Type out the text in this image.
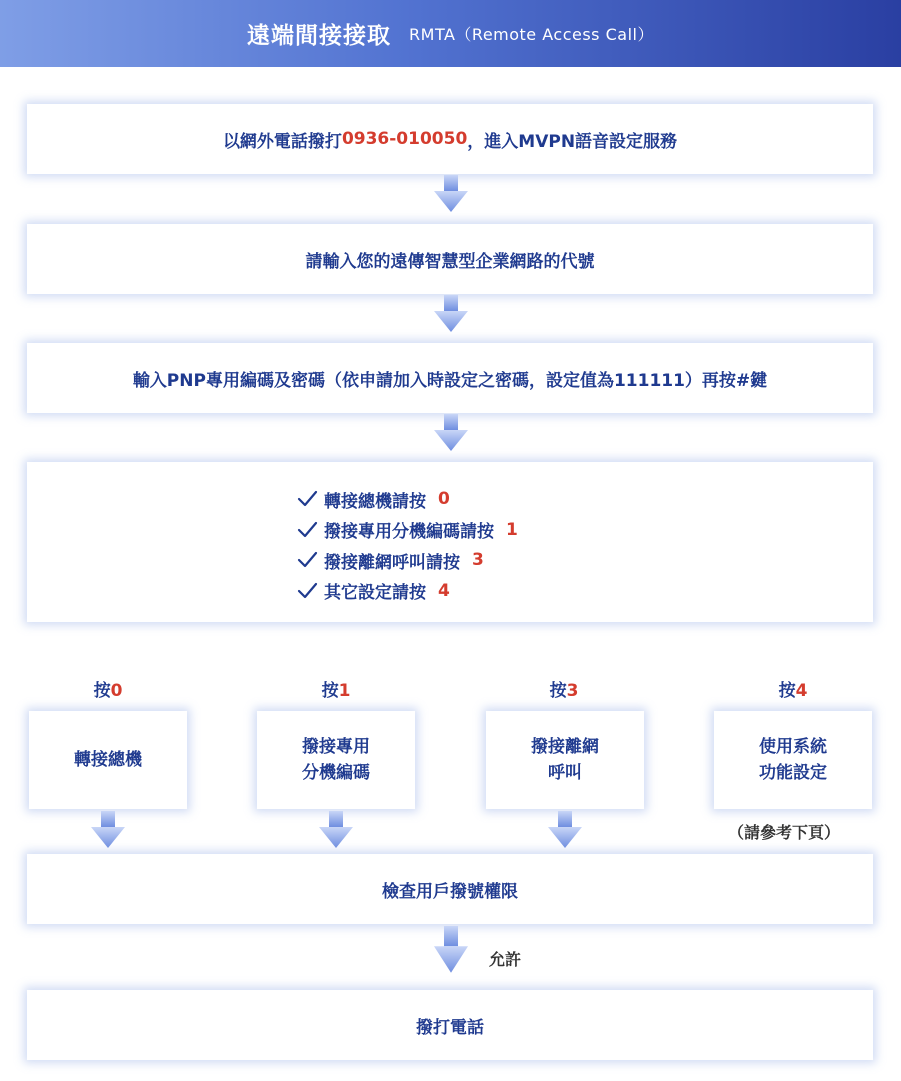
遠端間接接取 RMTA（Remote Access Call）
以網外電話撥打 0936-010050 ，進入MVPN語音設定服務
請輸入您的遠傳智慧型企業網路的代號
輸入PNP專用編碼及密碼（依申請加入時設定之密碼，設定值為111111）再按#鍵
轉接總機請按 0
撥接專用分機編碼請按 1
撥接離網呼叫請按 3
其它設定請按 4
按0	按1	按3	按4
轉接總機
撥接專用
分機編碼
撥接離網
呼叫
使用系統
功能設定
（請參考下頁）
檢查用戶撥號權限
允許
撥打電話
